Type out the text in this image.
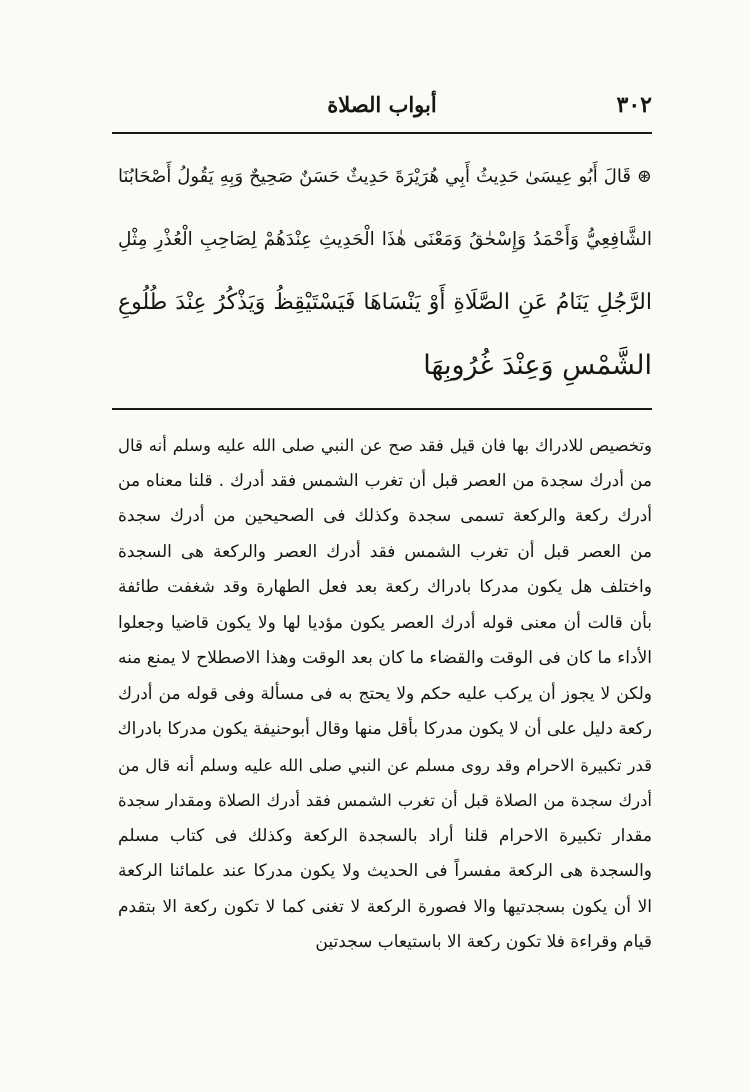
٣٠٢
أبواب الصلاة
⊛ قَالَ أَبُو عِيسَىٰ حَدِيثُ أَبِي هُرَيْرَةَ حَدِيثٌ حَسَنٌ صَحِيحٌ وَبِهِ يَقُولُ أَصْحَابُنَا
الشَّافِعِيُّ وَأَحْمَدُ وَإِسْحٰقُ وَمَعْنَى هٰذَا الْحَدِيثِ عِنْدَهُمْ لِصَاحِبِ الْعُذْرِ مِثْلِ
الرَّجُلِ يَنَامُ عَنِ الصَّلَاةِ أَوْ يَنْسَاهَا فَيَسْتَيْقِظُ وَيَذْكُرُ عِنْدَ طُلُوعِ
الشَّمْسِ وَعِنْدَ غُرُوبِهَا
وتخصيص للادراك بها فان قيل فقد صح عن النبي صلى الله عليه وسلم أنه قال
من أدرك سجدة من العصر قبل أن تغرب الشمس فقد أدرك . قلنا معناه من
أدرك ركعة والركعة تسمى سجدة وكذلك فى الصحيحين من أدرك سجدة
من العصر قبل أن تغرب الشمس فقد أدرك العصر والركعة هى السجدة
واختلف هل يكون مدركا بادراك ركعة بعد فعل الطهارة وقد شغفت طائفة
بأن قالت أن معنى قوله أدرك العصر يكون مؤديا لها ولا يكون قاضيا وجعلوا
الأداء ما كان فى الوقت والقضاء ما كان بعد الوقت وهذا الاصطلاح لا يمنع منه
ولكن لا يجوز أن يركب عليه حكم ولا يحتج به فى مسألة وفى قوله من أدرك
ركعة دليل على أن لا يكون مدركا بأقل منها وقال أبوحنيفة يكون مدركا بادراك
قدر تكبيرة الاحرام وقد روى مسلم عن النبي صلى الله عليه وسلم أنه قال من
أدرك سجدة من الصلاة قبل أن تغرب الشمس فقد أدرك الصلاة ومقدار سجدة
مقدار تكبيرة الاحرام قلنا أراد بالسجدة الركعة وكذلك فى كتاب مسلم
والسجدة هى الركعة مفسراً فى الحديث ولا يكون مدركا عند علمائنا الركعة
الا أن يكون بسجدتيها والا فصورة الركعة لا تغنى كما لا تكون ركعة الا بتقدم
قيام وقراءة فلا تكون ركعة الا باستيعاب سجدتين
